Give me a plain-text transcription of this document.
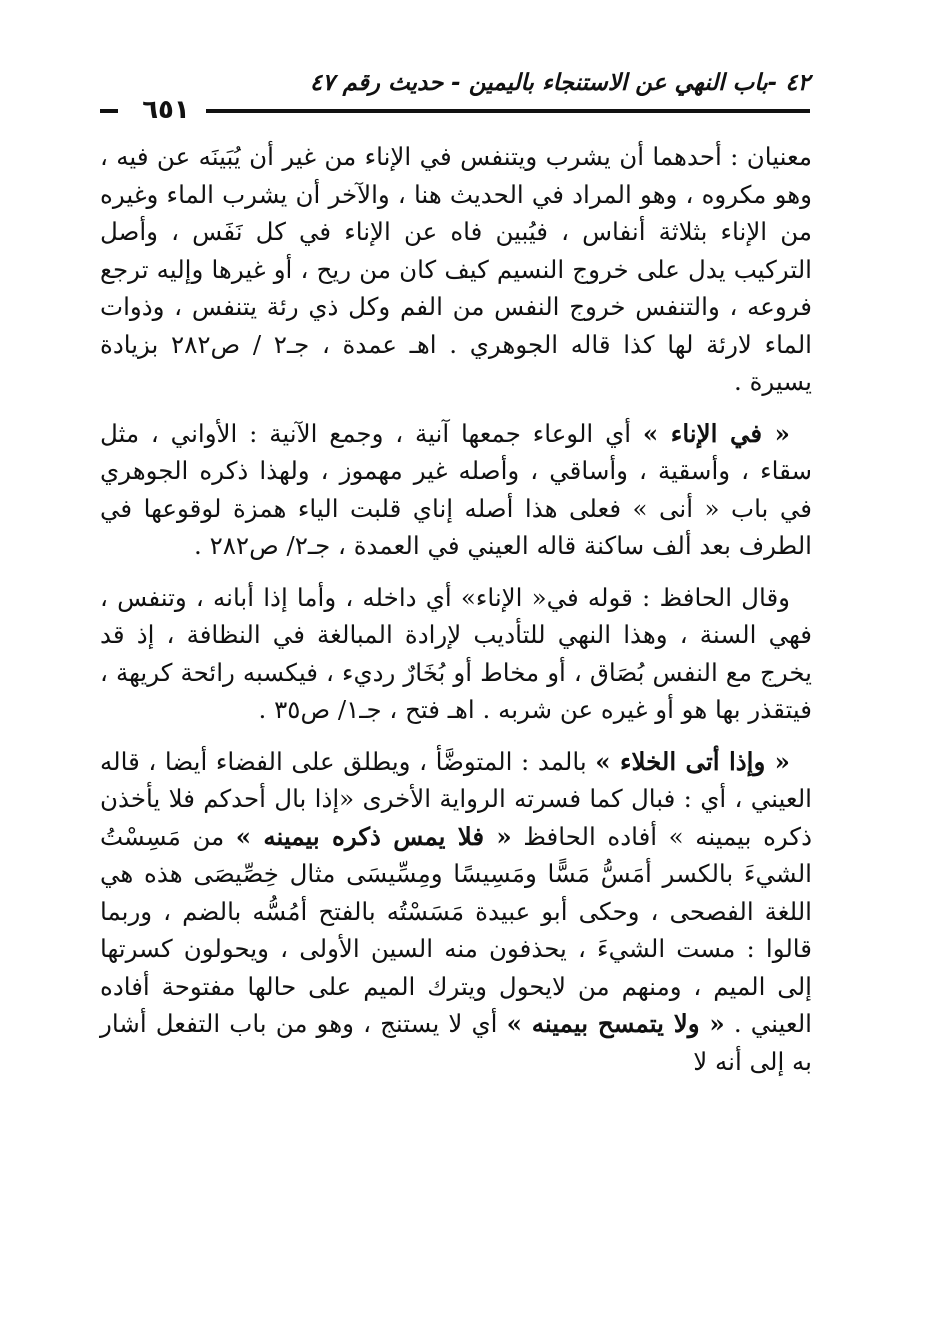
٤٢ -باب النهي عن الاستنجاء باليمين - حديث رقم ٤٧
٦٥١

معنيان : أحدهما أن يشرب ويتنفس في الإناء من غير أن يُبَينَه عن فيه ، وهو مكروه ، وهو المراد في الحديث هنا ، والآخر أن يشرب الماء وغيره من الإناء بثلاثة أنفاس ، فيُبين فاه عن الإناء في كل نَفَس ، وأصل التركيب يدل على خروج النسيم كيف كان من ريح ، أو غيرها وإليه ترجع فروعه ، والتنفس خروج النفس من الفم وكل ذي رئة يتنفس ، وذوات الماء لارئة لها كذا قاله الجوهري . اهـ عمدة ، جـ٢ / ص٢٨٢ بزيادة يسيرة .

« في الإناء » أي الوعاء جمعها آنية ، وجمع الآنية : الأواني ، مثل سقاء ، وأسقية ، وأساقي ، وأصله غير مهموز ، ولهذا ذكره الجوهري في باب « أنى » فعلى هذا أصله إناي قلبت الياء همزة لوقوعها في الطرف بعد ألف ساكنة قاله العيني في العمدة ، جـ٢/ ص٢٨٢ .

وقال الحافظ : قوله في« الإناء» أي داخله ، وأما إذا أبانه ، وتنفس ، فهي السنة ، وهذا النهي للتأديب لإرادة المبالغة في النظافة ، إذ قد يخرج مع النفس بُصَاق ، أو مخاط أو بُخَارٌ رديء ، فيكسبه رائحة كريهة ، فيتقذر بها هو أو غيره عن شربه . اهـ فتح ، جـ١/ ص٣٥ .

« وإذا أتى الخلاء » بالمد : المتوضَّأ ، ويطلق على الفضاء أيضا ، قاله العيني ، أي : فبال كما فسرته الرواية الأخرى «إذا بال أحدكم فلا يأخذن ذكره بيمينه » أفاده الحافظ « فلا يمس ذكره بيمينه » من مَسِسْتُ الشيءَ بالكسر أمَسُّ مَسًّا ومَسِيسًا ومِسِّيسَى مثال خِصِّيصَى هذه هي اللغة الفصحى ، وحكى أبو عبيدة مَسَسْتُه بالفتح أمُسُّه بالضم ، وربما قالوا : مست الشيءَ ، يحذفون منه السين الأولى ، ويحولون كسرتها إلى الميم ، ومنهم من لايحول ويترك الميم على حالها مفتوحة أفاده العيني . « ولا يتمسح بيمينه » أي لا يستنج ، وهو من باب التفعل أشار به إلى أنه لا
